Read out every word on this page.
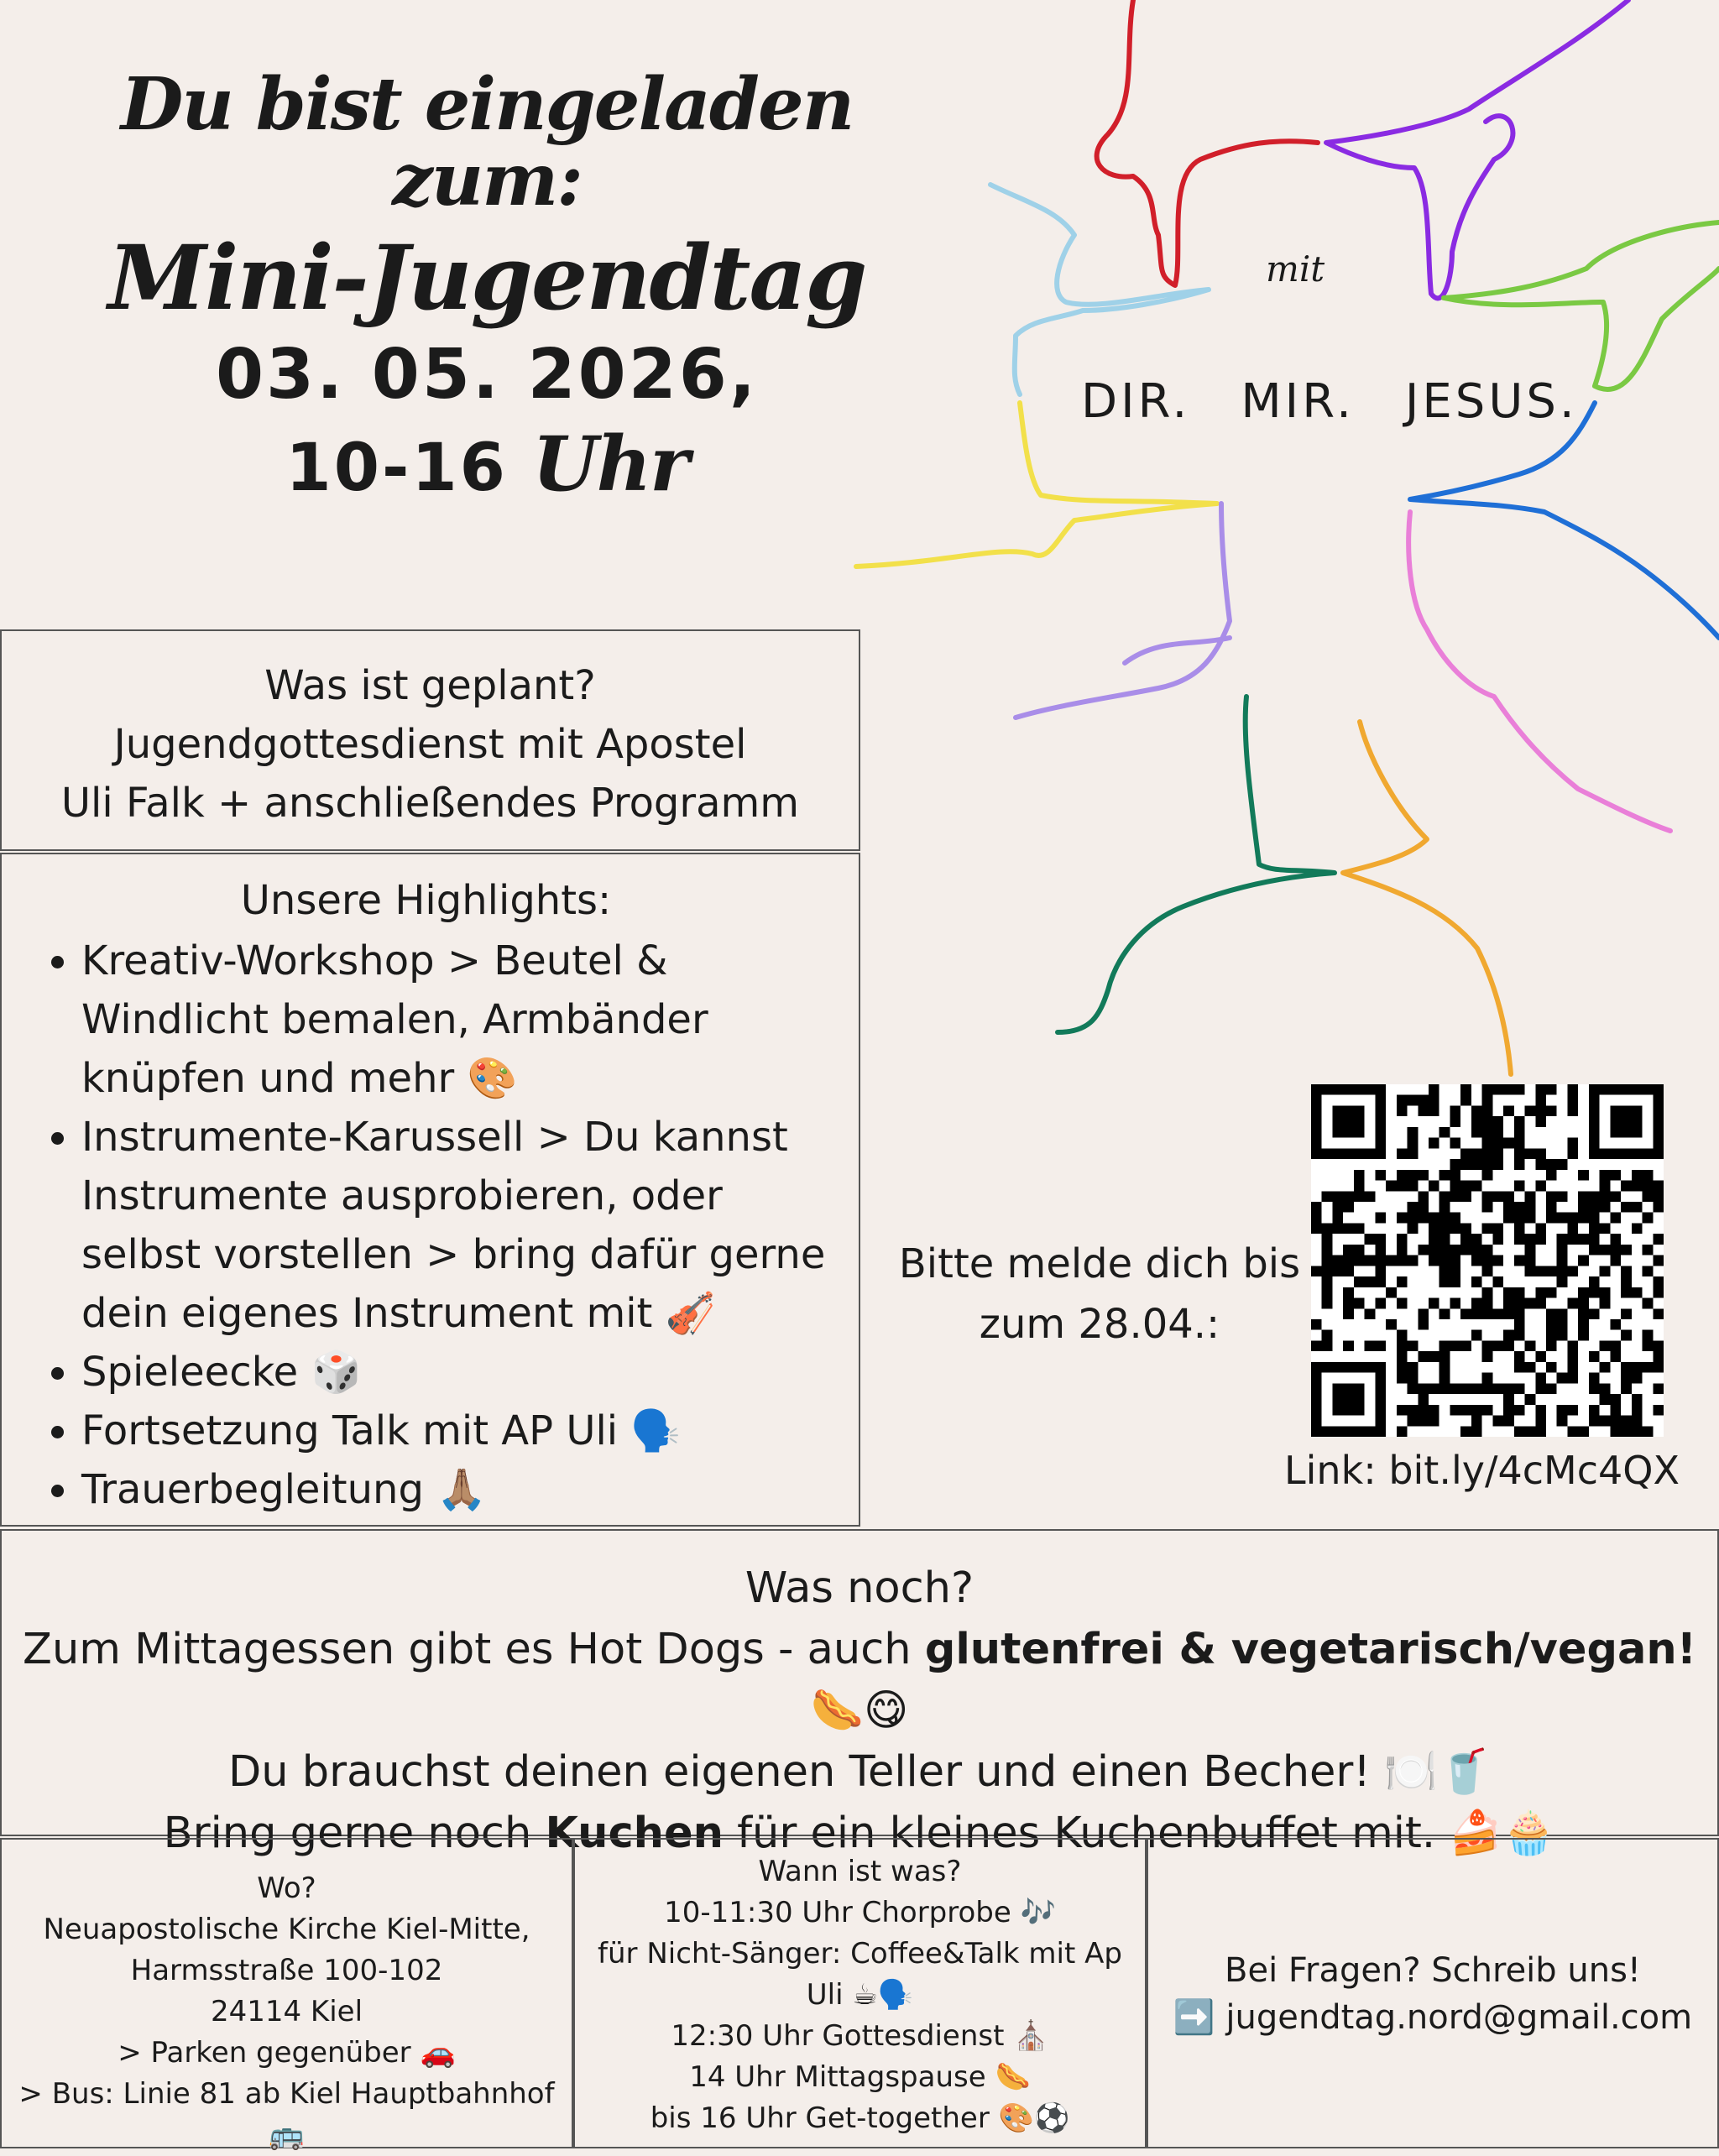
Du bist eingeladen zum:
Mini-Jugendtag
03. 05. 2026,
10-16 Uhr
mit
DIR. MIR. JESUS.
Was ist geplant?
Jugendgottesdienst mit Apostel
Uli Falk + anschließendes Programm
Unsere Highlights:
• Kreativ-Workshop > Beutel & Windlicht bemalen, Armbänder knüpfen und mehr 🎨
• Instrumente-Karussell > Du kannst Instrumente ausprobieren, oder selbst vorstellen > bring dafür gerne dein eigenes Instrument mit 🎻
• Spieleecke 🎲
• Fortsetzung Talk mit AP Uli 🗣️
• Trauerbegleitung 🙏🏽
Bitte melde dich bis
zum 28.04.:
Link: bit.ly/4cMc4QX
Was noch?
Zum Mittagessen gibt es Hot Dogs - auch glutenfrei & vegetarisch/vegan! 🌭😋
Du brauchst deinen eigenen Teller und einen Becher! 🍽️🥤
Bring gerne noch Kuchen für ein kleines Kuchenbuffet mit. 🍰🧁
Wo?
Neuapostolische Kirche Kiel-Mitte,
Harmsstraße 100-102
24114 Kiel
> Parken gegenüber 🚗
> Bus: Linie 81 ab Kiel Hauptbahnhof 🚌
Wann ist was?
10-11:30 Uhr Chorprobe 🎶
für Nicht-Sänger: Coffee&Talk mit Ap
Uli ☕🗣️
12:30 Uhr Gottesdienst ⛪
14 Uhr Mittagspause 🌭
bis 16 Uhr Get-together 🎨⚽
Bei Fragen? Schreib uns!
➡️ jugendtag.nord@gmail.com
